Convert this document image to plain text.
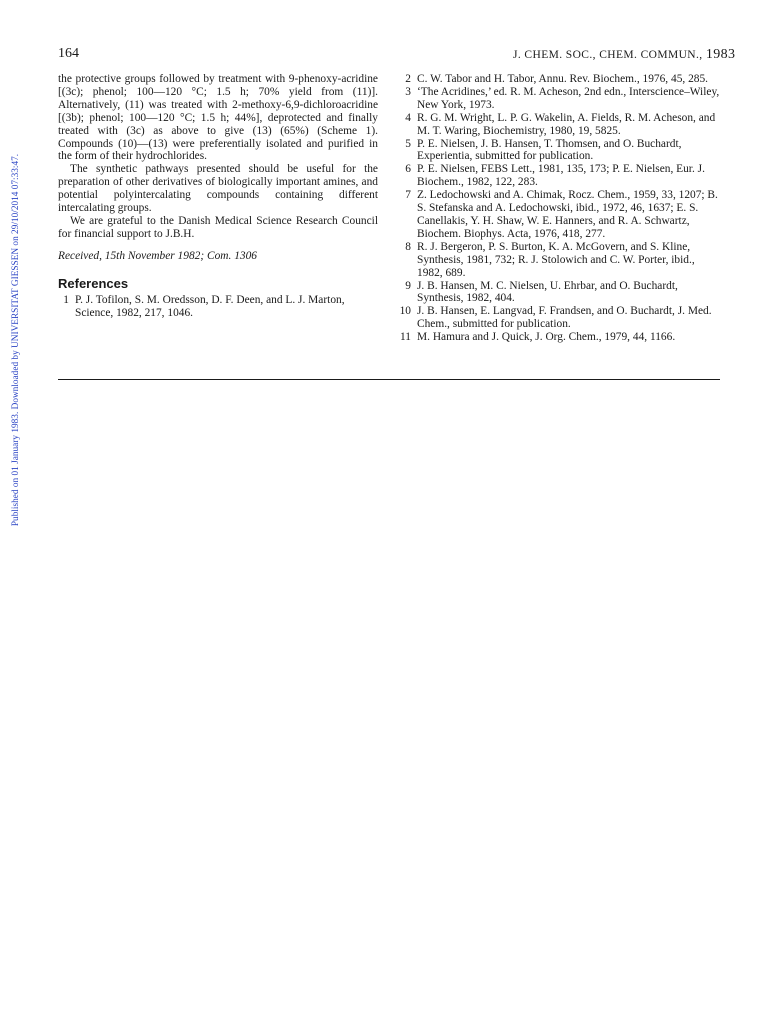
Published on 01 January 1983. Downloaded by UNIVERSITAT GIESSEN on 29/10/2014 07:33:47.
164	J. CHEM. SOC., CHEM. COMMUN., 1983

the protective groups followed by treatment with 9-phenoxy-acridine [(3c); phenol; 100—120 °C; 1.5 h; 70% yield from (11)]. Alternatively, (11) was treated with 2-methoxy-6,9-dichloroacridine [(3b); phenol; 100—120 °C; 1.5 h; 44%], deprotected and finally treated with (3c) as above to give (13) (65%) (Scheme 1). Compounds (10)—(13) were preferentially isolated and purified in the form of their hydrochlorides.

The synthetic pathways presented should be useful for the preparation of other derivatives of biologically important amines, and potential polyintercalating compounds containing different intercalating groups.

We are grateful to the Danish Medical Science Research Council for financial support to J.B.H.

Received, 15th November 1982; Com. 1306

References

1 P. J. Tofilon, S. M. Oredsson, D. F. Deen, and L. J. Marton, Science, 1982, 217, 1046.
2 C. W. Tabor and H. Tabor, Annu. Rev. Biochem., 1976, 45, 285.
3 ‘The Acridines,’ ed. R. M. Acheson, 2nd edn., Interscience–Wiley, New York, 1973.
4 R. G. M. Wright, L. P. G. Wakelin, A. Fields, R. M. Acheson, and M. T. Waring, Biochemistry, 1980, 19, 5825.
5 P. E. Nielsen, J. B. Hansen, T. Thomsen, and O. Buchardt, Experientia, submitted for publication.
6 P. E. Nielsen, FEBS Lett., 1981, 135, 173; P. E. Nielsen, Eur. J. Biochem., 1982, 122, 283.
7 Z. Ledochowski and A. Chimak, Rocz. Chem., 1959, 33, 1207; B. S. Stefanska and A. Ledochowski, ibid., 1972, 46, 1637; E. S. Canellakis, Y. H. Shaw, W. E. Hanners, and R. A. Schwartz, Biochem. Biophys. Acta, 1976, 418, 277.
8 R. J. Bergeron, P. S. Burton, K. A. McGovern, and S. Kline, Synthesis, 1981, 732; R. J. Stolowich and C. W. Porter, ibid., 1982, 689.
9 J. B. Hansen, M. C. Nielsen, U. Ehrbar, and O. Buchardt, Synthesis, 1982, 404.
10 J. B. Hansen, E. Langvad, F. Frandsen, and O. Buchardt, J. Med. Chem., submitted for publication.
11 M. Hamura and J. Quick, J. Org. Chem., 1979, 44, 1166.
